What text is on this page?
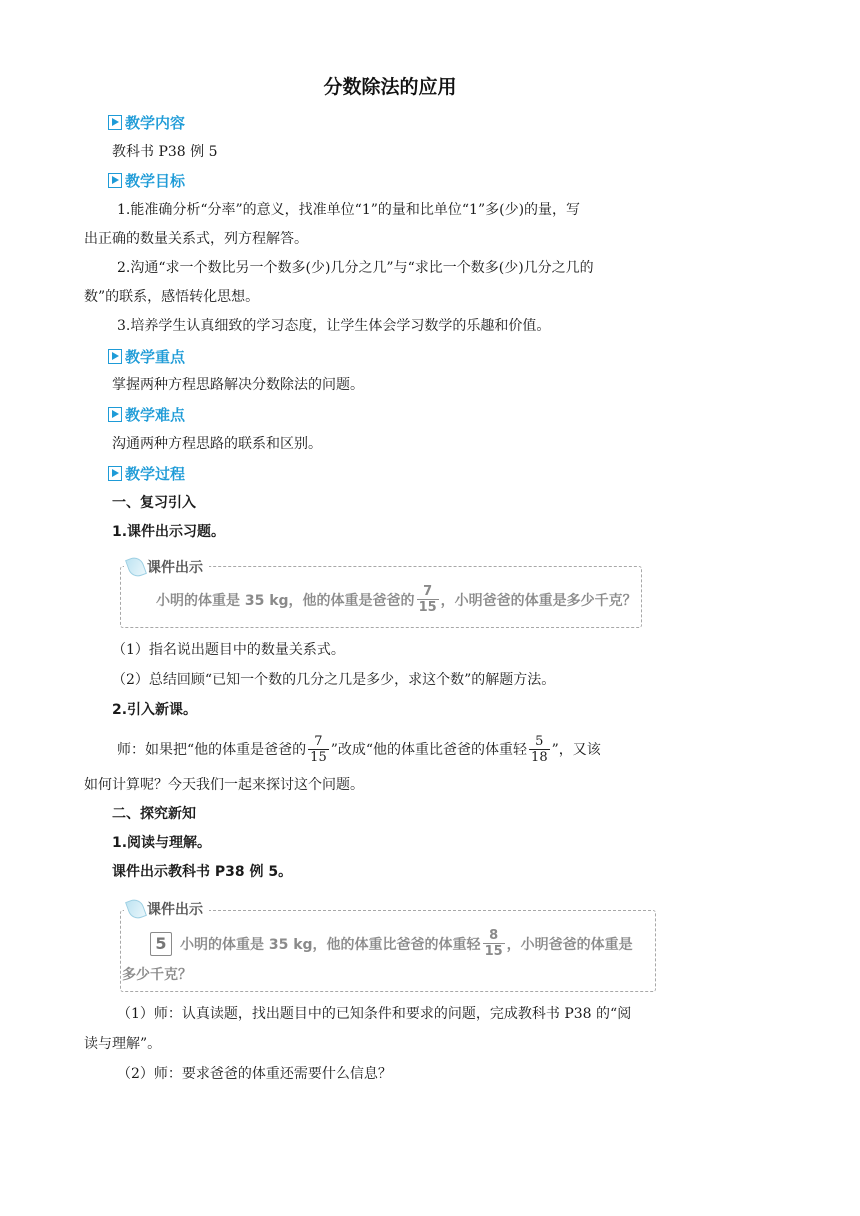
分数除法的应用
教学内容
教科书 P38 例 5
教学目标
1.能准确分析“分率”的意义，找准单位“1”的量和比单位“1”多(少)的量，写
出正确的数量关系式，列方程解答。
2.沟通“求一个数比另一个数多(少)几分之几”与“求比一个数多(少)几分之几的
数”的联系，感悟转化思想。
3.培养学生认真细致的学习态度，让学生体会学习数学的乐趣和价值。
教学重点
掌握两种方程思路解决分数除法的问题。
教学难点
沟通两种方程思路的联系和区别。
教学过程
一、复习引入
1.课件出示习题。
课件出示
小明的体重是 35 kg，他的体重是爸爸的 $\frac{7}{15}$ ，小明爸爸的体重是多少千克？
（1）指名说出题目中的数量关系式。
（2）总结回顾“已知一个数的几分之几是多少，求这个数”的解题方法。
2.引入新课。
师：如果把“他的体重是爸爸的 $\frac{7}{15}$ ”改成“他的体重比爸爸的体重轻 $\frac{5}{18}$ ”，又该
如何计算呢？今天我们一起来探讨这个问题。
二、探究新知
1.阅读与理解。
课件出示教科书 P38 例 5。
课件出示
5 小明的体重是 35 kg，他的体重比爸爸的体重轻 $\frac{8}{15}$ ，小明爸爸的体重是
多少千克？
（1）师：认真读题，找出题目中的已知条件和要求的问题，完成教科书 P38 的“阅
读与理解”。
（2）师：要求爸爸的体重还需要什么信息？
